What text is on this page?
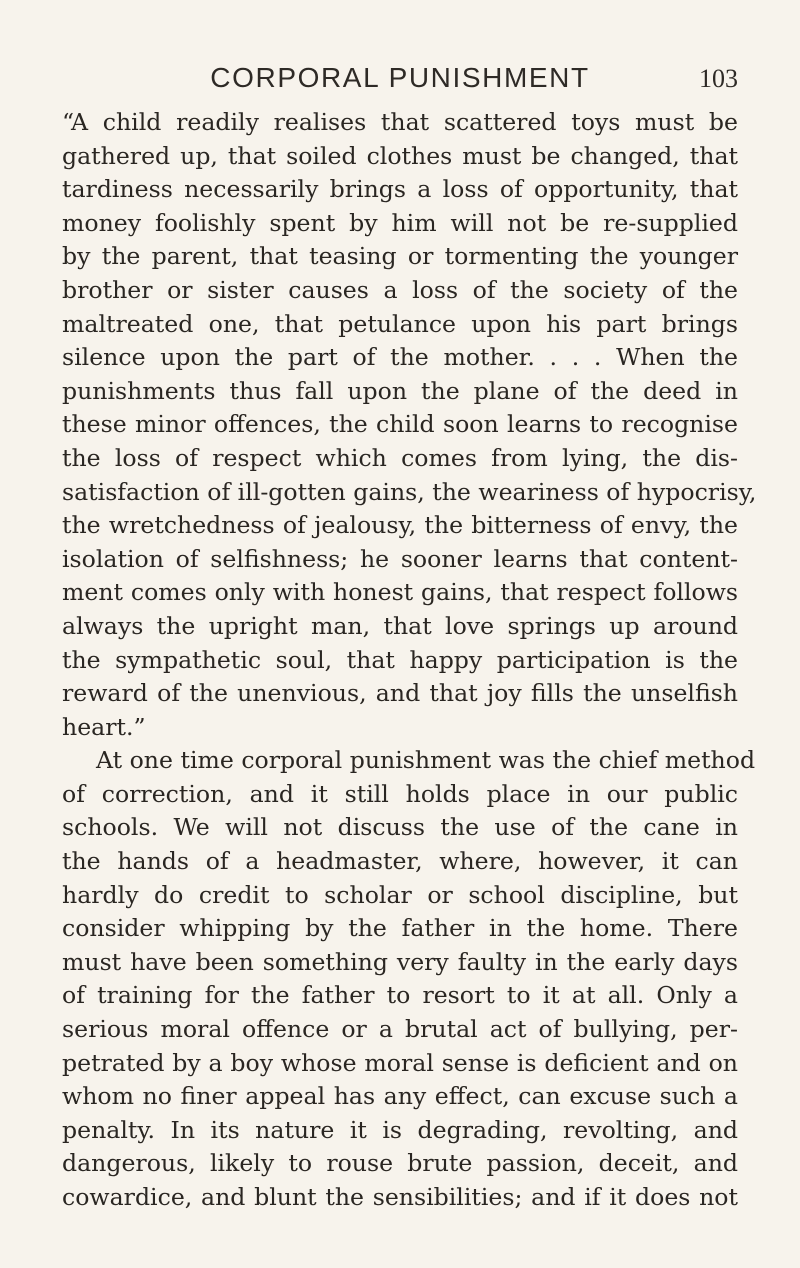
CORPORAL PUNISHMENT	103

“A child readily realises that scattered toys must be

gathered up, that soiled clothes must be changed, that

tardiness necessarily brings a loss of opportunity, that

money foolishly spent by him will not be re-supplied

by the parent, that teasing or tormenting the younger

brother or sister causes a loss of the society of the

maltreated one, that petulance upon his part brings

silence upon the part of the mother. . . . When the

punishments thus fall upon the plane of the deed in

these minor offences, the child soon learns to recognise

the loss of respect which comes from lying, the dis-

satisfaction of ill-gotten gains, the weariness of hypocrisy,

the wretchedness of jealousy, the bitterness of envy, the

isolation of selfishness; he sooner learns that content-

ment comes only with honest gains, that respect follows

always the upright man, that love springs up around

the sympathetic soul, that happy participation is the

reward of the unenvious, and that joy fills the unselfish

heart.”

At one time corporal punishment was the chief method

of correction, and it still holds place in our public

schools. We will not discuss the use of the cane in

the hands of a headmaster, where, however, it can

hardly do credit to scholar or school discipline, but

consider whipping by the father in the home. There

must have been something very faulty in the early days

of training for the father to resort to it at all. Only a

serious moral offence or a brutal act of bullying, per-

petrated by a boy whose moral sense is deficient and on

whom no finer appeal has any effect, can excuse such a

penalty. In its nature it is degrading, revolting, and

dangerous, likely to rouse brute passion, deceit, and

cowardice, and blunt the sensibilities; and if it does not
